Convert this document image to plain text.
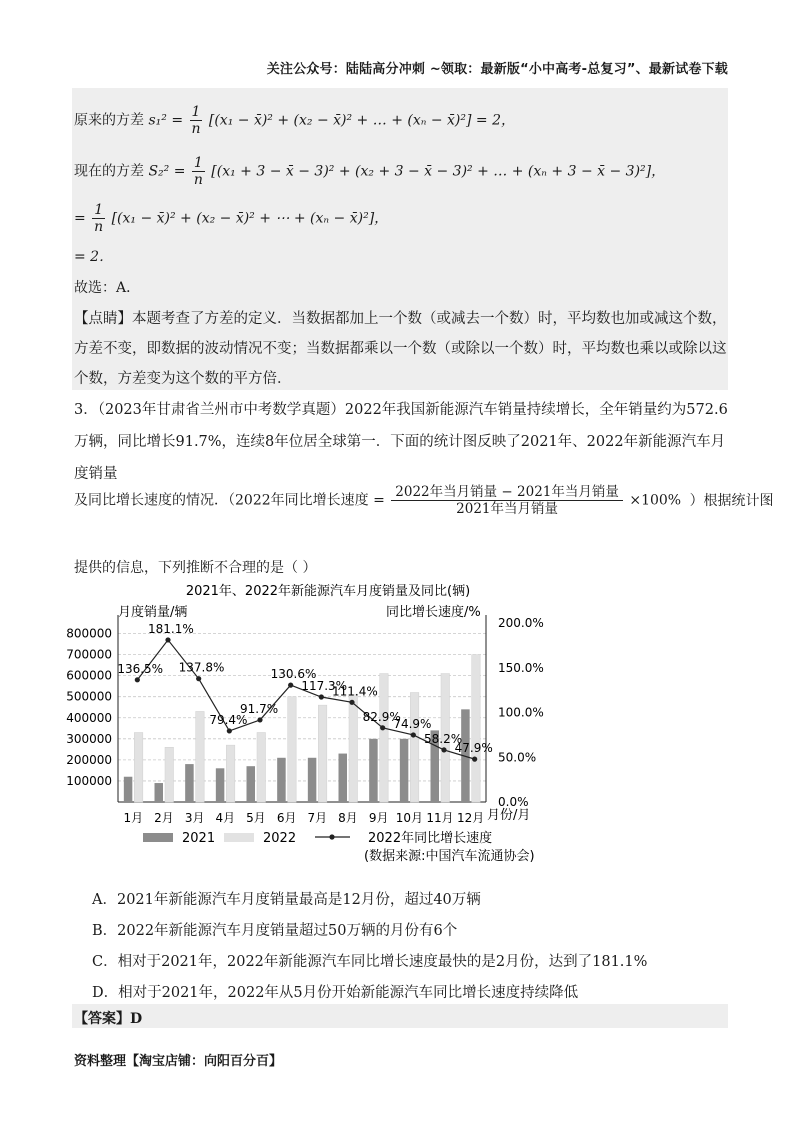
关注公众号：陆陆高分冲刺 ~领取：最新版“小中高考-总复习”、最新试卷下载
原来的方差 $s_1^2 = \frac{1}{n} [(x_1$ − x̄)² + (x₂ − x̄)² + … + (xₙ − x̄)²] = 2，
现在的方差 $S_2^2 = \frac{1}{n} [(x_1 + 3$ − x̄ − 3)² + (x₂ + 3 − x̄ − 3)² + … + (xₙ + 3 − x̄ − 3)²]，
= $\frac{1}{n} [(x_1$ − x̄)² + (x₂ − x̄)² + ⋯ + (xₙ − x̄)²]，
= 2．
故选：A．
【点睛】本题考查了方差的定义．当数据都加上一个数（或减去一个数）时，平均数也加或减这个数，方差不变，即数据的波动情况不变；当数据都乘以一个数（或除以一个数）时，平均数也乘以或除以这个数，方差变为这个数的平方倍．
3．（2023年甘肃省兰州市中考数学真题）2022年我国新能源汽车销量持续增长，全年销量约为572.6万辆，同比增长91.7%，连续8年位居全球第一．下面的统计图反映了2021年、2022年新能源汽车月度销量
及同比增长速度的情况．（2022年同比增长速度 = $\frac{\text{2022年当月销量 − 2021年当月销量}}{\text{2021年当月销量}} \times 100\%$ ）根据统计图
提供的信息，下列推断不合理的是（ ）
2021年、2022年新能源汽车月度销量及同比(辆)
月度销量/辆	同比增长速度/%
月份/月
100000
200000
300000
400000
500000
600000
700000
800000
0.0%
50.0%
100.0%
150.0%
200.0%
1月 2月 3月 4月 5月 6月 7月 8月 9月 10月 11月 12月
136.5%
181.1%
137.8%
79.4%
91.7%
130.6%
117.3%
111.4%
82.9%
74.9%
58.2%
47.9%
2021	2022	2022年同比增长速度
(数据来源:中国汽车流通协会)
A．2021年新能源汽车月度销量最高是12月份，超过40万辆
B．2022年新能源汽车月度销量超过50万辆的月份有6个
C．相对于2021年，2022年新能源汽车同比增长速度最快的是2月份，达到了181.1%
D．相对于2021年，2022年从5月份开始新能源汽车同比增长速度持续降低
【答案】D
资料整理【淘宝店铺：向阳百分百】
